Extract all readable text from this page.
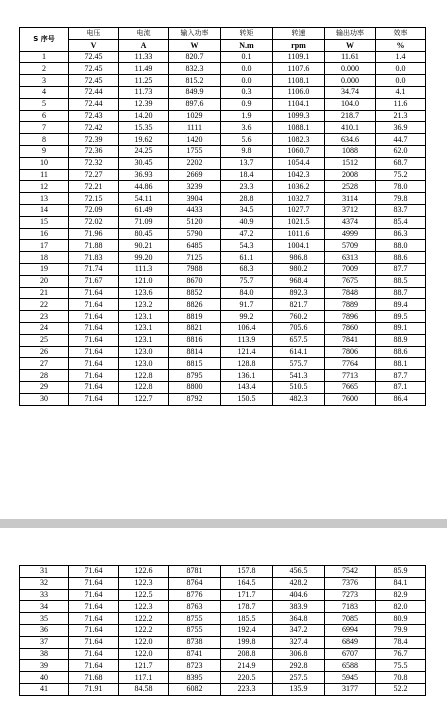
S 序号	电压	电流	输入功率	转矩	转速	输出功率	效率
	V	A	W	N.m	rpm	W	%
1	72.45	11.33	820.7	0.1	1109.1	11.61	1.4
2	72.45	11.49	832.3	0.0	1107.6	0.000	0.0
3	72.45	11.25	815.2	0.0	1108.1	0.000	0.0
4	72.44	11.73	849.9	0.3	1106.0	34.74	4.1
5	72.44	12.39	897.6	0.9	1104.1	104.0	11.6
6	72.43	14.20	1029	1.9	1099.3	218.7	21.3
7	72.42	15.35	1111	3.6	1088.1	410.1	36.9
8	72.39	19.62	1420	5.6	1082.3	634.6	44.7
9	72.36	24.25	1755	9.8	1060.7	1088	62.0
10	72.32	30.45	2202	13.7	1054.4	1512	68.7
11	72.27	36.93	2669	18.4	1042.3	2008	75.2
12	72.21	44.86	3239	23.3	1036.2	2528	78.0
13	72.15	54.11	3904	28.8	1032.7	3114	79.8
14	72.09	61.49	4433	34.5	1027.7	3712	83.7
15	72.02	71.09	5120	40.9	1021.5	4374	85.4
16	71.96	80.45	5790	47.2	1011.6	4999	86.3
17	71.88	90.21	6485	54.3	1004.1	5709	88.0
18	71.83	99.20	7125	61.1	986.8	6313	88.6
19	71.74	111.3	7988	68.3	980.2	7009	87.7
20	71.67	121.0	8670	75.7	968.4	7675	88.5
21	71.64	123.6	8852	84.0	892.3	7848	88.7
22	71.64	123.2	8826	91.7	821.7	7889	89.4
23	71.64	123.1	8819	99.2	760.2	7896	89.5
24	71.64	123.1	8821	106.4	705.6	7860	89.1
25	71.64	123.1	8816	113.9	657.5	7841	88.9
26	71.64	123.0	8814	121.4	614.1	7806	88.6
27	71.64	123.0	8815	128.8	575.7	7764	88.1
28	71.64	122.8	8795	136.1	541.3	7713	87.7
29	71.64	122.8	8800	143.4	510.5	7665	87.1
30	71.64	122.7	8792	150.5	482.3	7600	86.4
31	71.64	122.6	8781	157.8	456.5	7542	85.9
32	71.64	122.3	8764	164.5	428.2	7376	84.1
33	71.64	122.5	8776	171.7	404.6	7273	82.9
34	71.64	122.3	8763	178.7	383.9	7183	82.0
35	71.64	122.2	8755	185.5	364.8	7085	80.9
36	71.64	122.2	8755	192.4	347.2	6994	79.9
37	71.64	122.0	8738	199.8	327.4	6849	78.4
38	71.64	122.0	8741	208.8	306.8	6707	76.7
39	71.64	121.7	8723	214.9	292.8	6588	75.5
40	71.68	117.1	8395	220.5	257.5	5945	70.8
41	71.91	84.58	6082	223.3	135.9	3177	52.2
